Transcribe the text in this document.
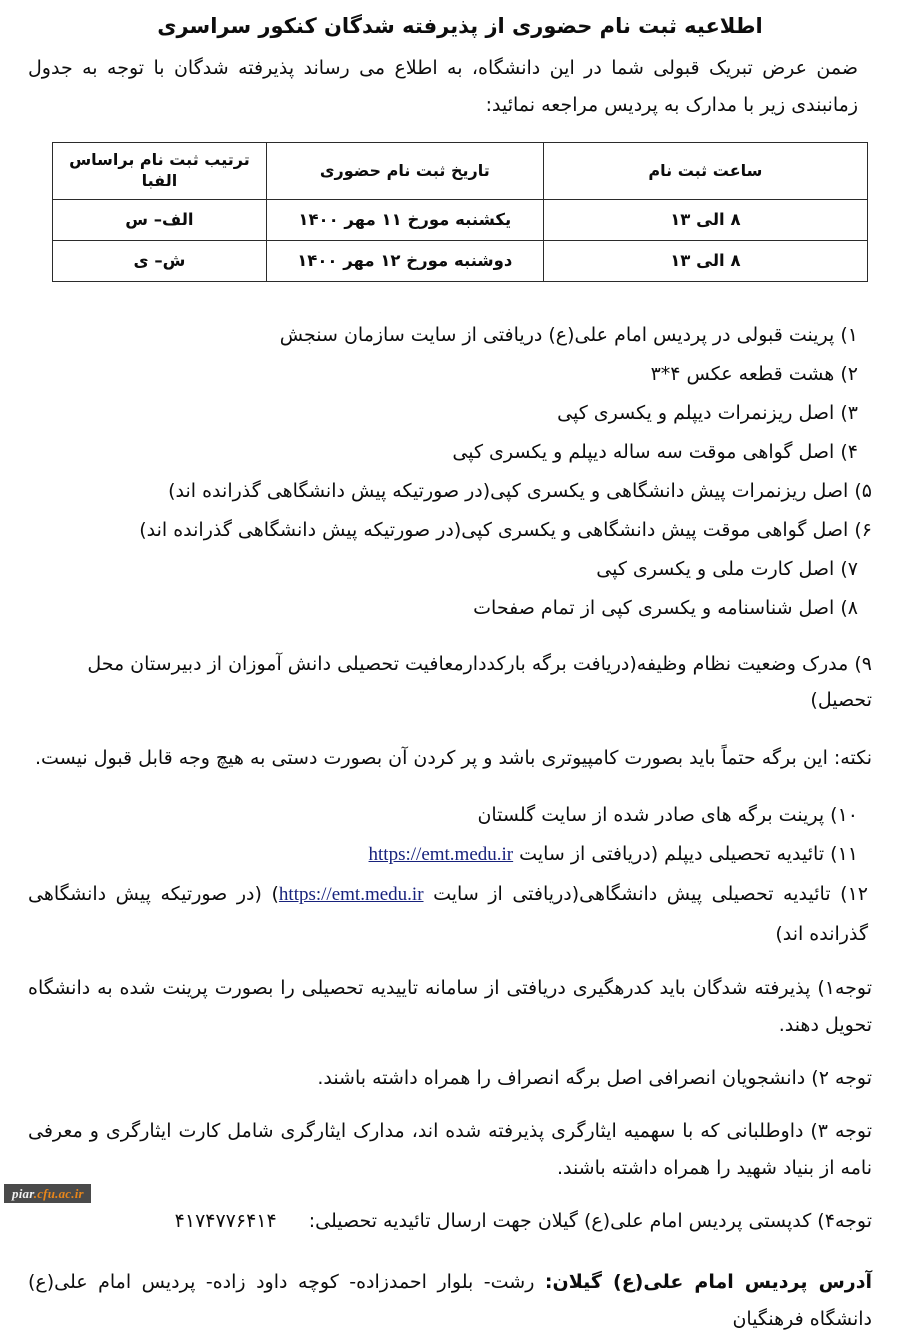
اطلاعیه ثبت نام حضوری از پذیرفته شدگان کنکور سراسری

ضمن عرض تبریک قبولی شما در این دانشگاه، به اطلاع می رساند پذیرفته شدگان با توجه به جدول زمانبندی زیر با مدارک به پردیس مراجعه نمائید:

ساعت ثبت نام	تاریخ ثبت نام حضوری	ترتیب ثبت نام براساس الفبا
۸ الی ۱۳	یکشنبه مورخ ۱۱ مهر ۱۴۰۰	الف– س
۸ الی ۱۳	دوشنبه مورخ ۱۲ مهر ۱۴۰۰	ش– ی

۱) پرینت قبولی در پردیس امام علی(ع) دریافتی از سایت سازمان سنجش

۲) هشت قطعه عکس ۴*۳

۳) اصل ریزنمرات دیپلم و یکسری کپی

۴) اصل گواهی موقت سه ساله دیپلم و یکسری کپی

۵) اصل ریزنمرات پیش دانشگاهی و یکسری کپی(در صورتیکه پیش دانشگاهی گذرانده اند)

۶) اصل گواهی موقت پیش دانشگاهی و یکسری کپی(در صورتیکه پیش دانشگاهی گذرانده اند)

۷) اصل کارت ملی و یکسری کپی

۸) اصل شناسنامه و یکسری کپی از تمام صفحات

۹) مدرک وضعیت نظام وظیفه(دریافت برگه بارکددارمعافیت تحصیلی دانش آموزان از دبیرستان محل تحصیل)

نکته: این برگه حتماً باید بصورت کامپیوتری باشد و پر کردن آن بصورت دستی به هیچ وجه قابل قبول نیست.

۱۰) پرینت برگه های صادر شده از سایت گلستان

۱۱) تائیدیه تحصیلی دیپلم (دریافتی از سایت https://emt.medu.ir

۱۲) تائیدیه تحصیلی پیش دانشگاهی(دریافتی از سایت https://emt.medu.ir) (در صورتیکه پیش دانشگاهی گذرانده اند)

توجه۱) پذیرفته شدگان باید کدرهگیری دریافتی از سامانه تاییدیه تحصیلی را بصورت پرینت شده به دانشگاه تحویل دهند.

توجه ۲) دانشجویان انصرافی اصل برگه انصراف را همراه داشته باشند.

توجه ۳) داوطلبانی که با سهمیه ایثارگری پذیرفته شده اند، مدارک ایثارگری شامل کارت ایثارگری و معرفی نامه از بنیاد شهید را همراه داشته باشند.

توجه۴) کدپستی پردیس امام علی(ع) گیلان جهت ارسال تائیدیه تحصیلی:۴۱۷۴۷۷۶۴۱۴

آدرس پردیس امام علی(ع) گیلان: رشت- بلوار احمدزاده- کوچه داود زاده- پردیس امام علی(ع) دانشگاه فرهنگیان

piar.cfu.ac.ir
